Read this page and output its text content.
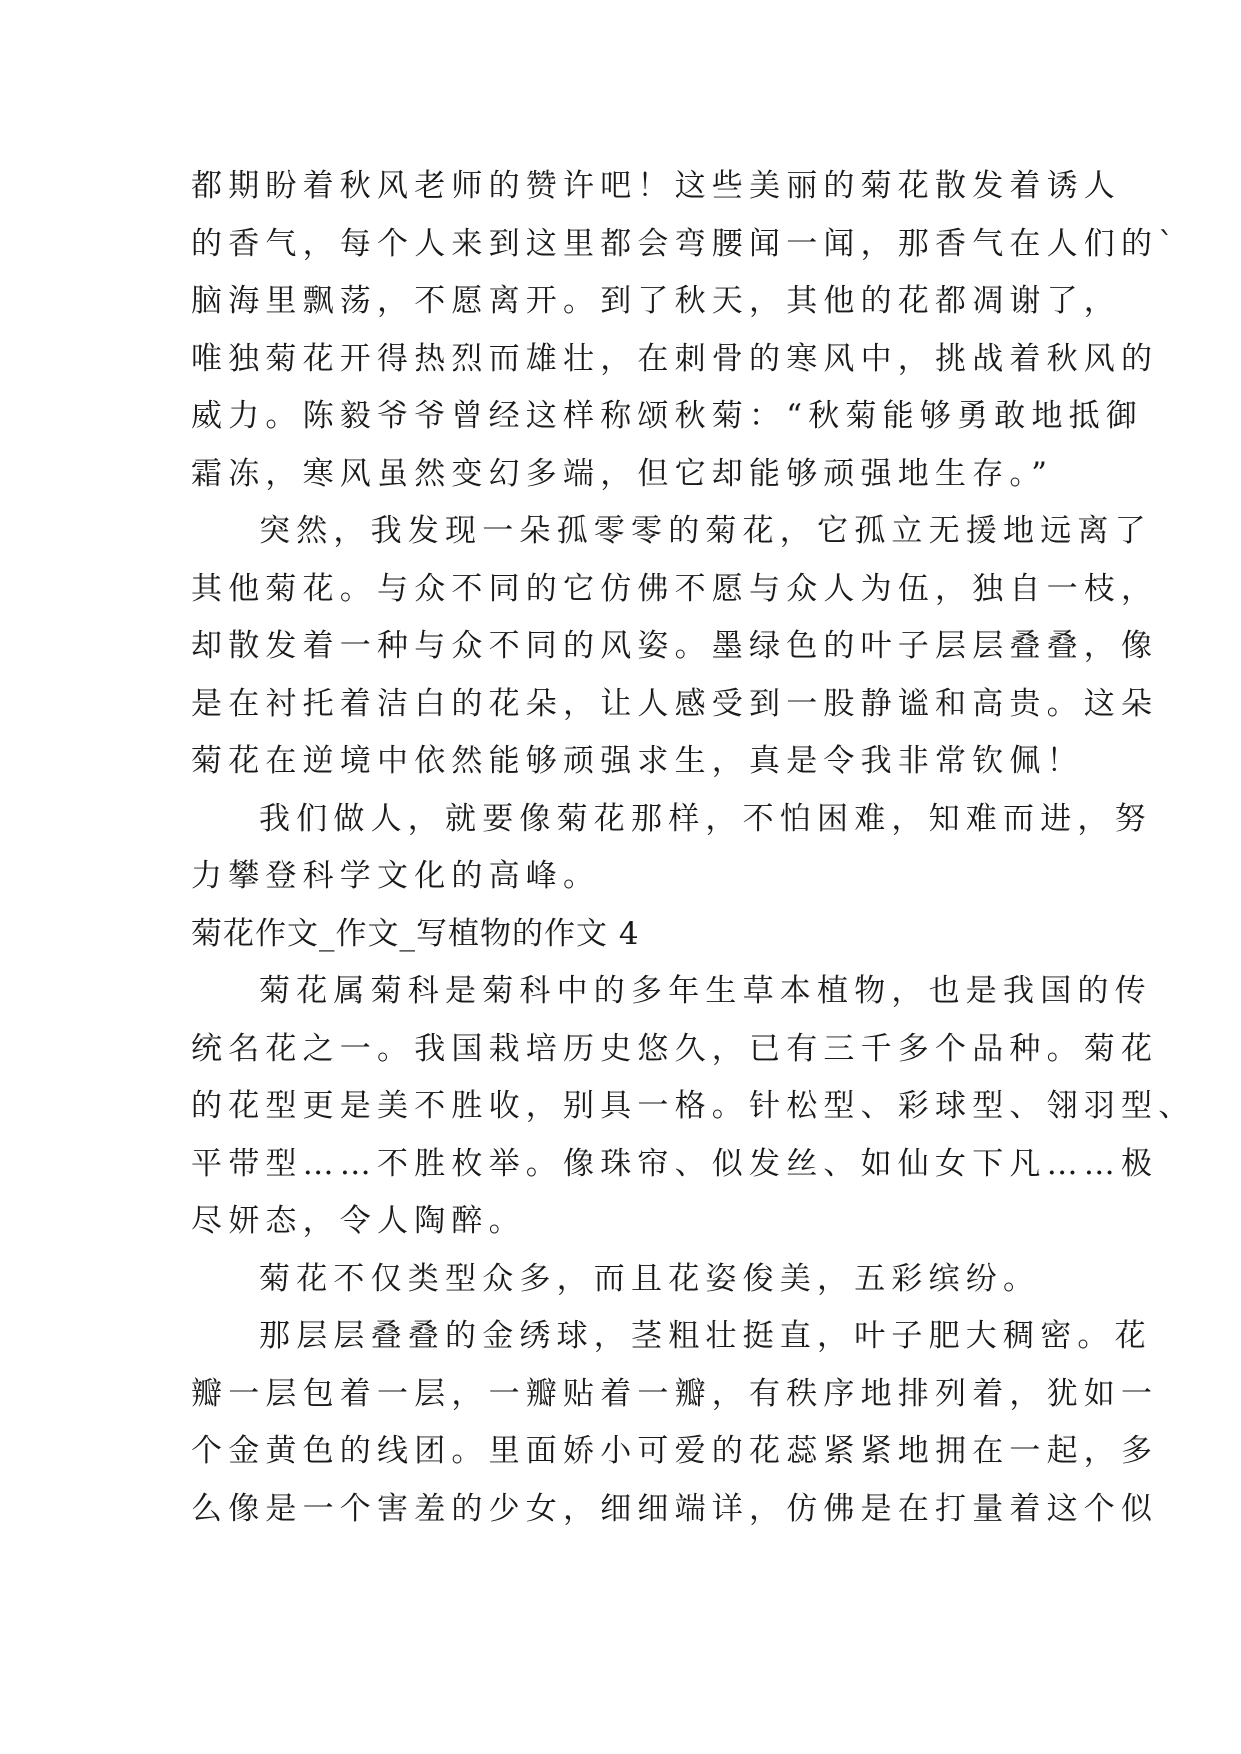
都期盼着秋风老师的赞许吧！这些美丽的菊花散发着诱人
的香气，每个人来到这里都会弯腰闻一闻，那香气在人们的`
脑海里飘荡，不愿离开。到了秋天，其他的花都凋谢了，
唯独菊花开得热烈而雄壮，在刺骨的寒风中，挑战着秋风的
威力。陈毅爷爷曾经这样称颂秋菊：“秋菊能够勇敢地抵御
霜冻，寒风虽然变幻多端，但它却能够顽强地生存。”
突然，我发现一朵孤零零的菊花，它孤立无援地远离了
其他菊花。与众不同的它仿佛不愿与众人为伍，独自一枝，
却散发着一种与众不同的风姿。墨绿色的叶子层层叠叠，像
是在衬托着洁白的花朵，让人感受到一股静谧和高贵。这朵
菊花在逆境中依然能够顽强求生，真是令我非常钦佩！
我们做人，就要像菊花那样，不怕困难，知难而进，努
力攀登科学文化的高峰。
菊花作文_作文_写植物的作文 4
菊花属菊科是菊科中的多年生草本植物，也是我国的传
统名花之一。我国栽培历史悠久，已有三千多个品种。菊花
的花型更是美不胜收，别具一格。针松型、彩球型、翎羽型、
平带型……不胜枚举。像珠帘、似发丝、如仙女下凡……极
尽妍态，令人陶醉。
菊花不仅类型众多，而且花姿俊美，五彩缤纷。
那层层叠叠的金绣球，茎粗壮挺直，叶子肥大稠密。花
瓣一层包着一层，一瓣贴着一瓣，有秩序地排列着，犹如一
个金黄色的线团。里面娇小可爱的花蕊紧紧地拥在一起，多
么像是一个害羞的少女，细细端详，仿佛是在打量着这个似
